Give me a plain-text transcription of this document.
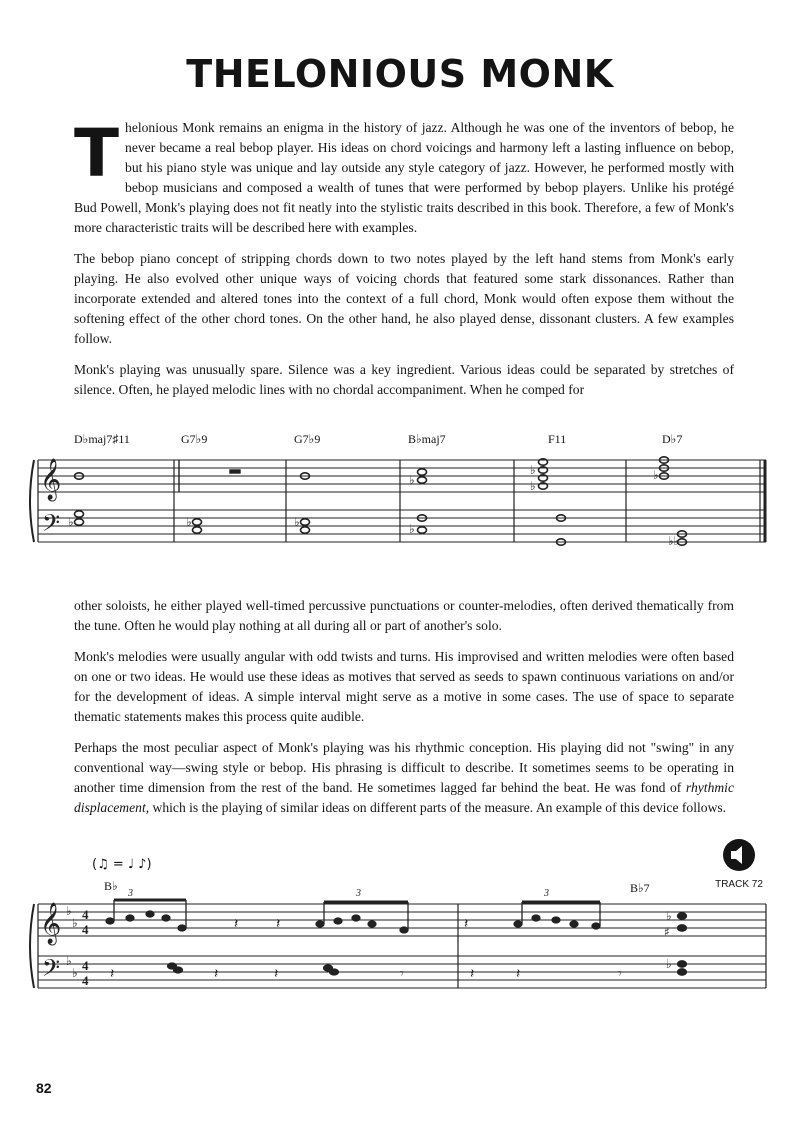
THELONIOUS MONK

Thelonious Monk remains an enigma in the history of jazz. Although he was one of the inventors of bebop, he never became a real bebop player. His ideas on chord voicings and harmony left a lasting influence on bebop, but his piano style was unique and lay outside any style category of jazz. However, he performed mostly with bebop musicians and composed a wealth of tunes that were performed by bebop players. Unlike his protégé Bud Powell, Monk's playing does not fit neatly into the stylistic traits described in this book. Therefore, a few of Monk's more characteristic traits will be described here with examples.

The bebop piano concept of stripping chords down to two notes played by the left hand stems from Monk's early playing. He also evolved other unique ways of voicing chords that featured some stark dissonances. Rather than incorporate extended and altered tones into the context of a full chord, Monk would often expose them without the softening effect of the other chord tones. On the other hand, he also played dense, dissonant clusters. A few examples follow.

Monk's playing was unusually spare. Silence was a key ingredient. Various ideas could be separated by stretches of silence. Often, he played melodic lines with no chordal accompaniment. When he comped for

D♭maj7♯11	G7♭9	G7♭9	B♭maj7	F11	D♭7
𝄞
𝄢 ♭	♭	♭
♭
♭
♭
♭
♭
♭♭

other soloists, he either played well-timed percussive punctuations or counter-melodies, often derived thematically from the tune. Often he would play nothing at all during all or part of another's solo.

Monk's melodies were usually angular with odd twists and turns. His improvised and written melodies were often based on one or two ideas. He would use these ideas as motives that served as seeds to spawn continuous variations on and/or for the development of ideas. A simple interval might serve as a motive in some cases. The use of space to separate thematic statements makes this process quite audible.

Perhaps the most peculiar aspect of Monk's playing was his rhythmic conception. His playing did not "swing" in any conventional way—swing style or bebop. His phrasing is difficult to describe. It sometimes seems to be operating in another time dimension from the rest of the band. He sometimes lagged far behind the beat. He was fond of rhythmic displacement, which is the playing of similar ideas on different parts of the measure. An example of this device follows.

TRACK 72
(♫ = ♩ ♪)
B♭	B♭7
𝄞
𝄢
♭
♭
♭
♭
4
4
4
4
3	3	3
𝄽	𝄽
𝄽
𝄽
𝄽
𝄾
𝄽
𝄽	𝄽	𝄾
♭
♯
♭
82
